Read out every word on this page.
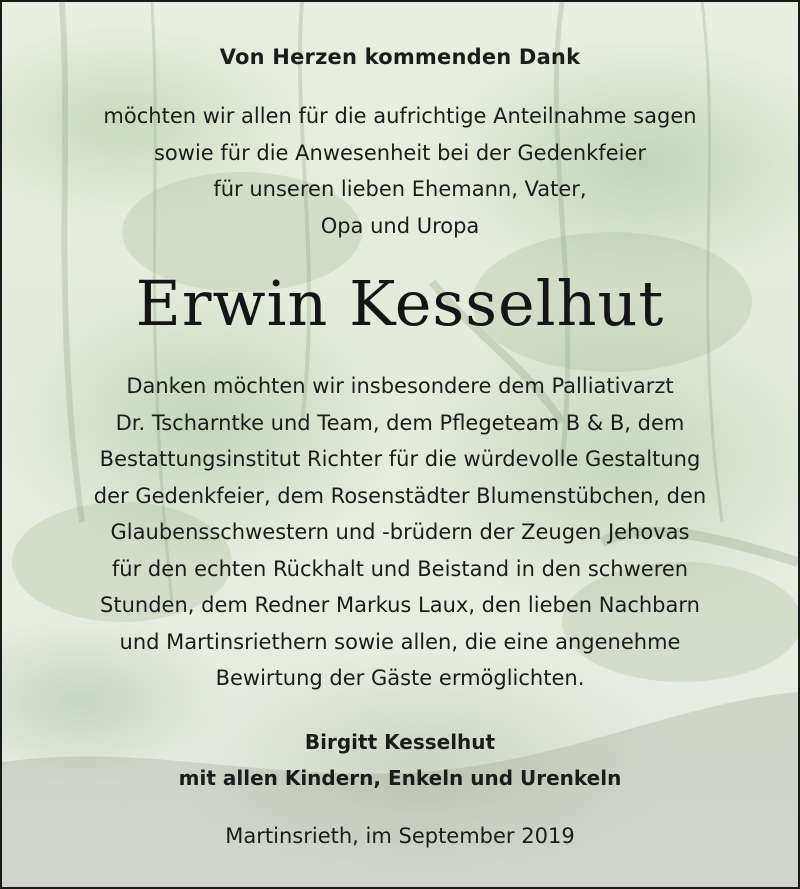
Von Herzen kommenden Dank
möchten wir allen für die aufrichtige Anteilnahme sagen
sowie für die Anwesenheit bei der Gedenkfeier
für unseren lieben Ehemann, Vater,
Opa und Uropa
Erwin Kesselhut
Danken möchten wir insbesondere dem Palliativarzt
Dr. Tscharntke und Team, dem Pflegeteam B & B, dem
Bestattungsinstitut Richter für die würdevolle Gestaltung
der Gedenkfeier, dem Rosenstädter Blumenstübchen, den
Glaubensschwestern und -brüdern der Zeugen Jehovas
für den echten Rückhalt und Beistand in den schweren
Stunden, dem Redner Markus Laux, den lieben Nachbarn
und Martinsriethern sowie allen, die eine angenehme
Bewirtung der Gäste ermöglichten.
Birgitt Kesselhut
mit allen Kindern, Enkeln und Urenkeln
Martinsrieth, im September 2019
